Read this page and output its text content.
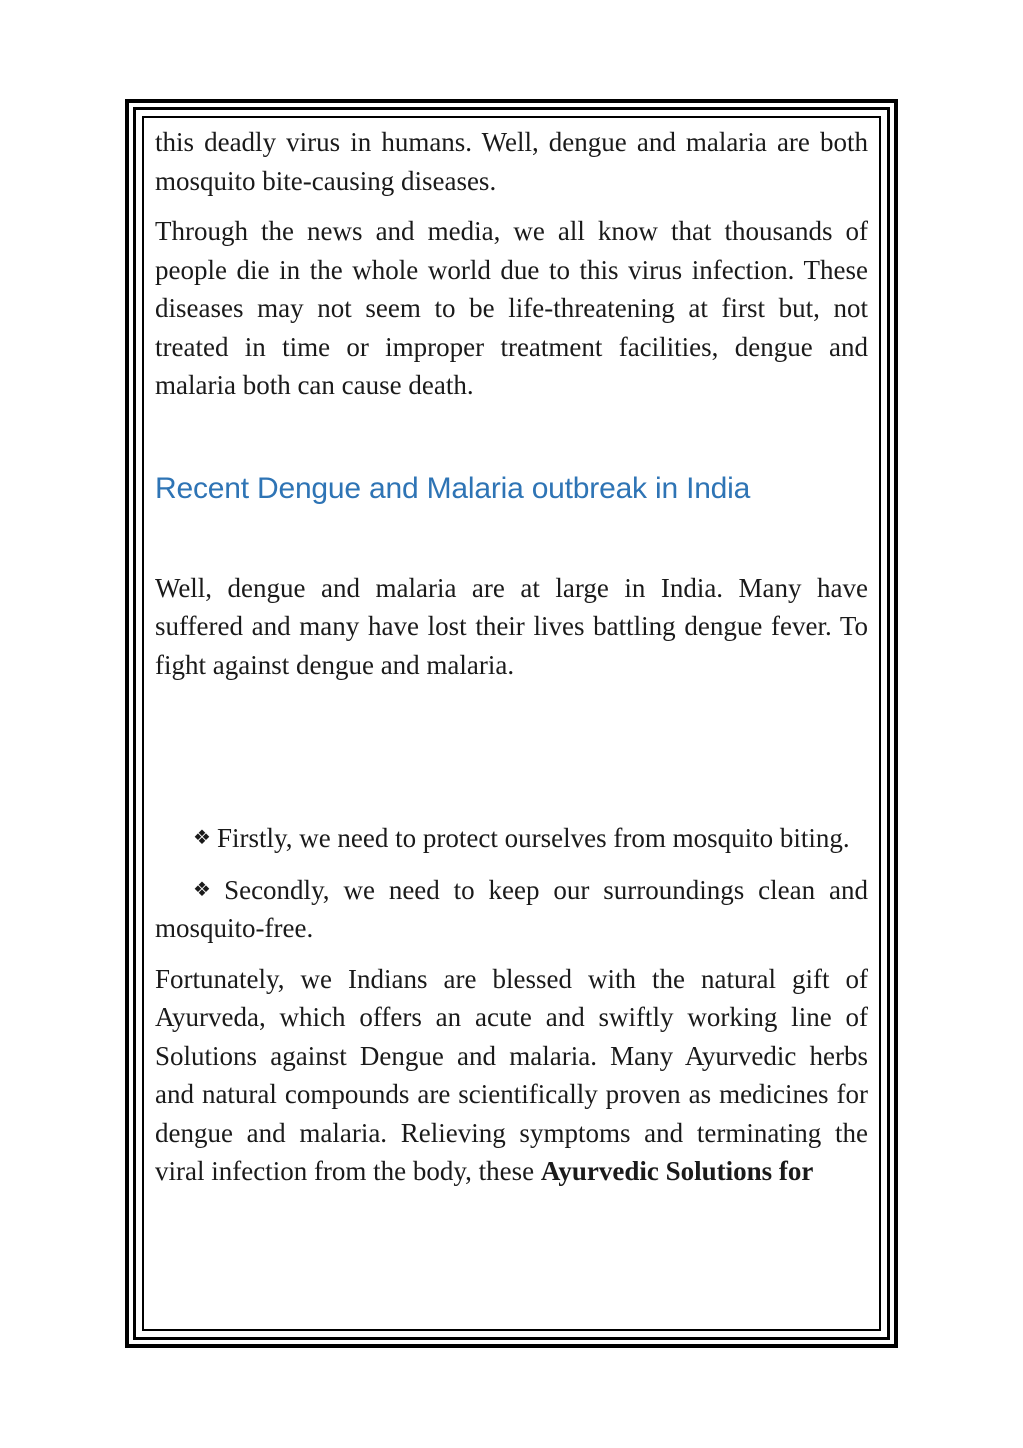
this deadly virus in humans. Well, dengue and malaria are both mosquito bite-causing diseases.

Through the news and media, we all know that thousands of people die in the whole world due to this virus infection. These diseases may not seem to be life-threatening at first but, not treated in time or improper treatment facilities, dengue and malaria both can cause death.

Recent Dengue and Malaria outbreak in India

Well, dengue and malaria are at large in India. Many have suffered and many have lost their lives battling dengue fever. To fight against dengue and malaria.

❖ Firstly, we need to protect ourselves from mosquito biting.

❖ Secondly, we need to keep our surroundings clean and mosquito-free.

Fortunately, we Indians are blessed with the natural gift of Ayurveda, which offers an acute and swiftly working line of Solutions against Dengue and malaria. Many Ayurvedic herbs and natural compounds are scientifically proven as medicines for dengue and malaria. Relieving symptoms and terminating the viral infection from the body, these Ayurvedic Solutions for
